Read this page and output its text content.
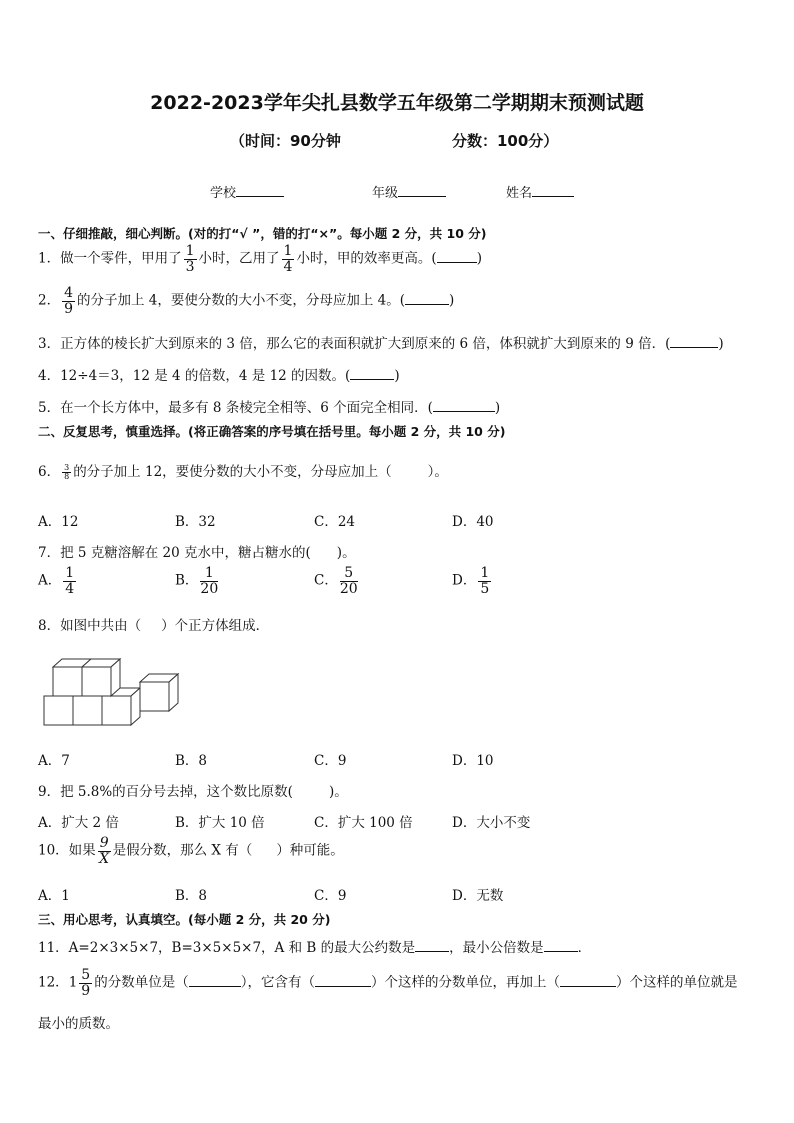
2022-2023学年尖扎县数学五年级第二学期期末预测试题
（时间：90分钟	分数：100分）
学校	年级	姓名
一、仔细推敲，细心判断。(对的打“√ ”，错的打“×”。每小题 2 分，共 10 分)
1．做一个零件，甲用了 $\frac{1}{3}$ 小时，乙用了 $\frac{1}{4}$ 小时，甲的效率更高。(	)
2． $\frac{4}{9}$ 的分子加上 4，要使分数的大小不变，分母应加上 4。(	)
3．正方体的棱长扩大到原来的 3 倍，那么它的表面积就扩大到原来的 6 倍，体积就扩大到原来的 9 倍．(	)
4．12÷4＝3，12 是 4 的倍数，4 是 12 的因数。(	)
5．在一个长方体中，最多有 8 条棱完全相等、6 个面完全相同．(	)
二、反复思考，慎重选择。(将正确答案的序号填在括号里。每小题 2 分，共 10 分)
6． $\frac{3}{8}$ 的分子加上 12，要使分数的大小不变，分母应加上（	）。
A．12	B．32	C．24	D．40
7．把 5 克糖溶解在 20 克水中，糖占糖水的( )。
A． $\frac{1}{4}$	B． $\frac{1}{20}$	C． $\frac{5}{20}$	D． $\frac{1}{5}$
8．如图中共由（ ）个正方体组成．
A．7	B．8	C．9	D．10
9．把 5.8%的百分号去掉，这个数比原数(	)。
A．扩大 2 倍	B．扩大 10 倍	C．扩大 100 倍	D．大小不变
10．如果 $\frac{9}{X}$ 是假分数，那么 X 有（ ）种可能。
A．1	B．8	C．9	D．无数
三、用心思考，认真填空。(每小题 2 分，共 20 分)
11．A=2×3×5×7，B=3×5×5×7，A 和 B 的最大公约数是	，最小公倍数是	．
12．$1 \frac{5}{9}$ 的分数单位是（	），它含有（	）个这样的分数单位，再加上（	）个这样的单位就是
最小的质数。
